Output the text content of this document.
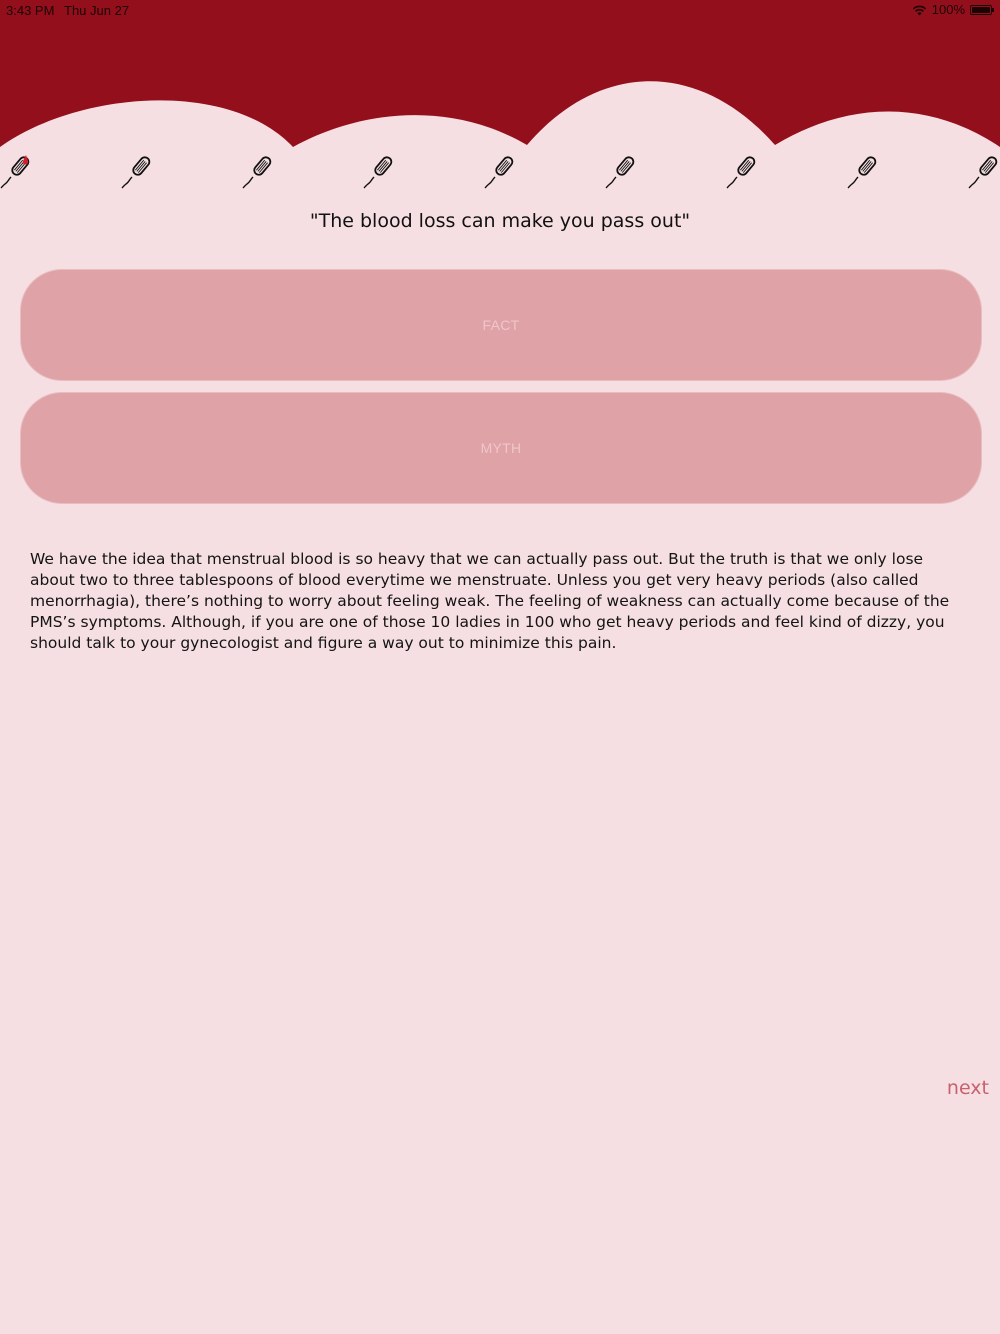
3:43 PM Thu Jun 27	100%
"The blood loss can make you pass out"
FACT
MYTH

We have the idea that menstrual blood is so heavy that we can actually pass out. But the truth is that we only lose about two to three tablespoons of blood everytime we menstruate. Unless you get very heavy periods (also called menorrhagia), there’s nothing to worry about feeling weak. The feeling of weakness can actually come because of the PMS’s symptoms. Although, if you are one of those 10 ladies in 100 who get heavy periods and feel kind of dizzy, you should talk to your gynecologist and figure a way out to minimize this pain.

next
